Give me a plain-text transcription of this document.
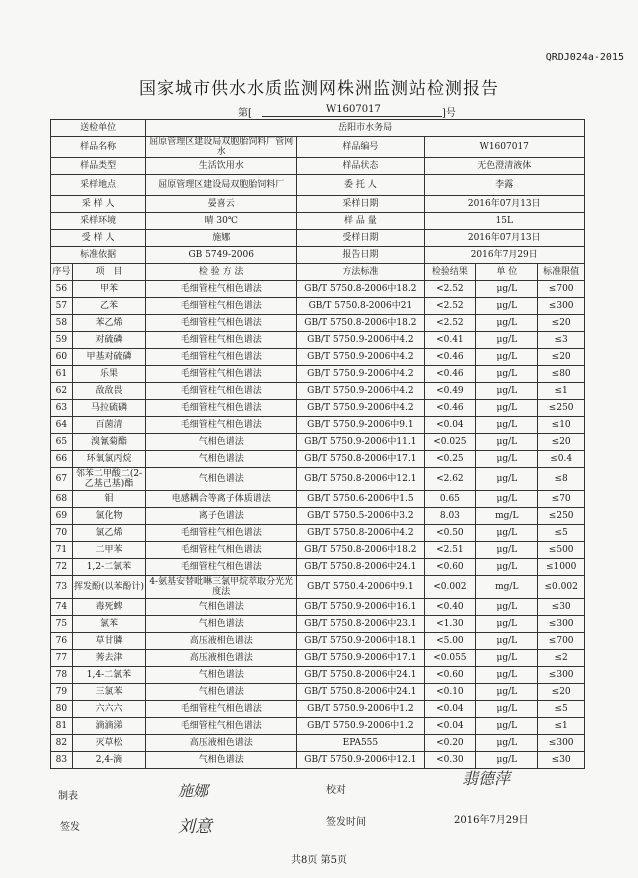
QRDJ024a-2015
国家城市供水水质监测网株洲监测站检测报告
第[	W1607017	]号
送检单位		岳阳市水务局				
样品名称		屈原管理区建设局双胞胎饲料厂管网水	样品编号	W1607017		
样品类型		生活饮用水	样品状态	无色澄清液体		
采样地点		屈原管理区建设局双胞胎饲料厂	委 托 人	李露		
采 样 人		晏喜云	采样日期	2016年07月13日		
采样环境		晴 30℃	样 品 量	15L		
受 样 人		施娜	受样日期	2016年07月13日		
标准依据		GB 5749-2006	报告日期	2016年7月29日		
序号	项　目	检 验 方 法	方法标准	检验结果	单 位	标准限值
56	甲苯	毛细管柱气相色谱法	GB/T 5750.8-2006中18.2	<2.52	μg/L	≤700
57	乙苯	毛细管柱气相色谱法	GB/T 5750.8-2006中21	<2.52	μg/L	≤300
58	苯乙烯	毛细管柱气相色谱法	GB/T 5750.8-2006中18.2	<2.52	μg/L	≤20
59	对硫磷	毛细管柱气相色谱法	GB/T 5750.9-2006中4.2	<0.41	μg/L	≤3
60	甲基对硫磷	毛细管柱气相色谱法	GB/T 5750.9-2006中4.2	<0.46	μg/L	≤20
61	乐果	毛细管柱气相色谱法	GB/T 5750.9-2006中4.2	<0.46	μg/L	≤80
62	敌敌畏	毛细管柱气相色谱法	GB/T 5750.9-2006中4.2	<0.49	μg/L	≤1
63	马拉硫磷	毛细管柱气相色谱法	GB/T 5750.9-2006中4.2	<0.46	μg/L	≤250
64	百菌清	毛细管柱气相色谱法	GB/T 5750.9-2006中9.1	<0.04	μg/L	≤10
65	溴氰菊酯	气相色谱法	GB/T 5750.9-2006中11.1	<0.025	μg/L	≤20
66	环氧氯丙烷	气相色谱法	GB/T 5750.8-2006中17.1	<0.25	μg/L	≤0.4
67	邻苯二甲酸二(2-乙基己基)酯	气相色谱法	GB/T 5750.8-2006中12.1	<2.62	μg/L	≤8
68	钼	电感耦合等离子体质谱法	GB/T 5750.6-2006中1.5	0.65	μg/L	≤70
69	氯化物	离子色谱法	GB/T 5750.5-2006中3.2	8.03	mg/L	≤250
70	氯乙烯	毛细管柱气相色谱法	GB/T 5750.8-2006中4.2	<0.50	μg/L	≤5
71	二甲苯	毛细管柱气相色谱法	GB/T 5750.8-2006中18.2	<2.51	μg/L	≤500
72	1,2-二氯苯	毛细管柱气相色谱法	GB/T 5750.8-2006中24.1	<0.60	μg/L	≤1000
73	挥发酚(以苯酚计)	4-氨基安替吡啉三氯甲烷萃取分光光度法	GB/T 5750.4-2006中9.1	<0.002	mg/L	≤0.002
74	毒死蜱	气相色谱法	GB/T 5750.9-2006中16.1	<0.40	μg/L	≤30
75	氯苯	气相色谱法	GB/T 5750.8-2006中23.1	<1.30	μg/L	≤300
76	草甘膦	高压液相色谱法	GB/T 5750.9-2006中18.1	<5.00	μg/L	≤700
77	莠去津	高压液相色谱法	GB/T 5750.9-2006中17.1	<0.055	μg/L	≤2
78	1,4-二氯苯	气相色谱法	GB/T 5750.8-2006中24.1	<0.60	μg/L	≤300
79	三氯苯	气相色谱法	GB/T 5750.8-2006中24.1	<0.10	μg/L	≤20
80	六六六	毛细管柱气相色谱法	GB/T 5750.9-2006中1.2	<0.04	μg/L	≤5
81	滴滴涕	毛细管柱气相色谱法	GB/T 5750.9-2006中1.2	<0.04	μg/L	≤1
82	灭草松	高压液相色谱法	EPA555	<0.20	μg/L	≤300
83	2,4-滴	气相色谱法	GB/T 5750.9-2006中12.1	<0.30	μg/L	≤30
制表	施娜	校对
翡德萍
签发	刘意	签发时间	2016年7月29日
共8页 第5页
